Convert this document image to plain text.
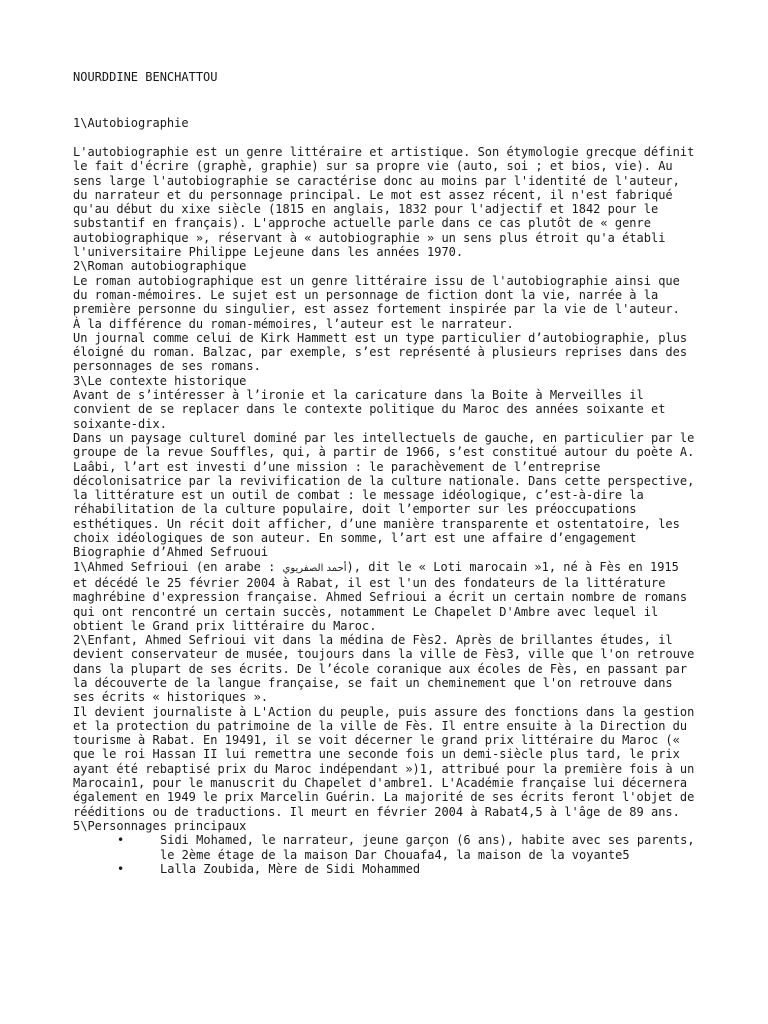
NOURDDINE BENCHATTOU

1\Autobiographie

L'autobiographie est un genre littéraire et artistique. Son étymologie grecque définit le fait d'écrire (graphè, graphie) sur sa propre vie (auto, soi ; et bios, vie). Au sens large l'autobiographie se caractérise donc au moins par l'identité de l'auteur, du narrateur et du personnage principal. Le mot est assez récent, il n'est fabriqué qu'au début du xixe siècle (1815 en anglais, 1832 pour l'adjectif et 1842 pour le substantif en français). L'approche actuelle parle dans ce cas plutôt de « genre autobiographique », réservant à « autobiographie » un sens plus étroit qu'a établi l'universitaire Philippe Lejeune dans les années 1970.

2\Roman autobiographique

Le roman autobiographique est un genre littéraire issu de l'autobiographie ainsi que du roman-mémoires. Le sujet est un personnage de fiction dont la vie, narrée à la première personne du singulier, est assez fortement inspirée par la vie de l'auteur.

À la différence du roman-mémoires, l’auteur est le narrateur.

Un journal comme celui de Kirk Hammett est un type particulier d’autobiographie, plus éloigné du roman. Balzac, par exemple, s’est représenté à plusieurs reprises dans des personnages de ses romans.

3\Le contexte historique

Avant de s’intéresser à l’ironie et la caricature dans la Boite à Merveilles il convient de se replacer dans le contexte politique du Maroc des années soixante et soixante-dix.

Dans un paysage culturel dominé par les intellectuels de gauche, en particulier par le groupe de la revue Souffles, qui, à partir de 1966, s’est constitué autour du poète A. Laâbi, l’art est investi d’une mission : le parachèvement de l’entreprise décolonisatrice par la revivification de la culture nationale. Dans cette perspective, la littérature est un outil de combat : le message idéologique, c’est-à-dire la réhabilitation de la culture populaire, doit l’emporter sur les préoccupations esthétiques. Un récit doit afficher, d’une manière transparente et ostentatoire, les choix idéologiques de son auteur. En somme, l’art est une affaire d’engagement

Biographie d’Ahmed Sefruoui

1\Ahmed Sefrioui (en arabe : أحمد الصفريوي), dit le « Loti marocain »1, né à Fès en 1915 et décédé le 25 février 2004 à Rabat, il est l'un des fondateurs de la littérature maghrébine d'expression française. Ahmed Sefrioui a écrit un certain nombre de romans qui ont rencontré un certain succès, notamment Le Chapelet D'Ambre avec lequel il obtient le Grand prix littéraire du Maroc.

2\Enfant, Ahmed Sefrioui vit dans la médina de Fès2. Après de brillantes études, il devient conservateur de musée, toujours dans la ville de Fès3, ville que l'on retrouve dans la plupart de ses écrits. De l’école coranique aux écoles de Fès, en passant par la découverte de la langue française, se fait un cheminement que l'on retrouve dans ses écrits « historiques ».

Il devient journaliste à L'Action du peuple, puis assure des fonctions dans la gestion et la protection du patrimoine de la ville de Fès. Il entre ensuite à la Direction du tourisme à Rabat. En 19491, il se voit décerner le grand prix littéraire du Maroc (« que le roi Hassan II lui remettra une seconde fois un demi-siècle plus tard, le prix ayant été rebaptisé prix du Maroc indépendant »)1, attribué pour la première fois à un Marocain1, pour le manuscrit du Chapelet d'ambre1. L'Académie française lui décernera également en 1949 le prix Marcelin Guérin. La majorité de ses écrits feront l'objet de rééditions ou de traductions. Il meurt en février 2004 à Rabat4,5 à l'âge de 89 ans.

5\Personnages principaux

•	Sidi Mohamed, le narrateur, jeune garçon (6 ans), habite avec ses parents, le 2ème étage de la maison Dar Chouafa4, la maison de la voyante5
•	Lalla Zoubida, Mère de Sidi Mohammed
